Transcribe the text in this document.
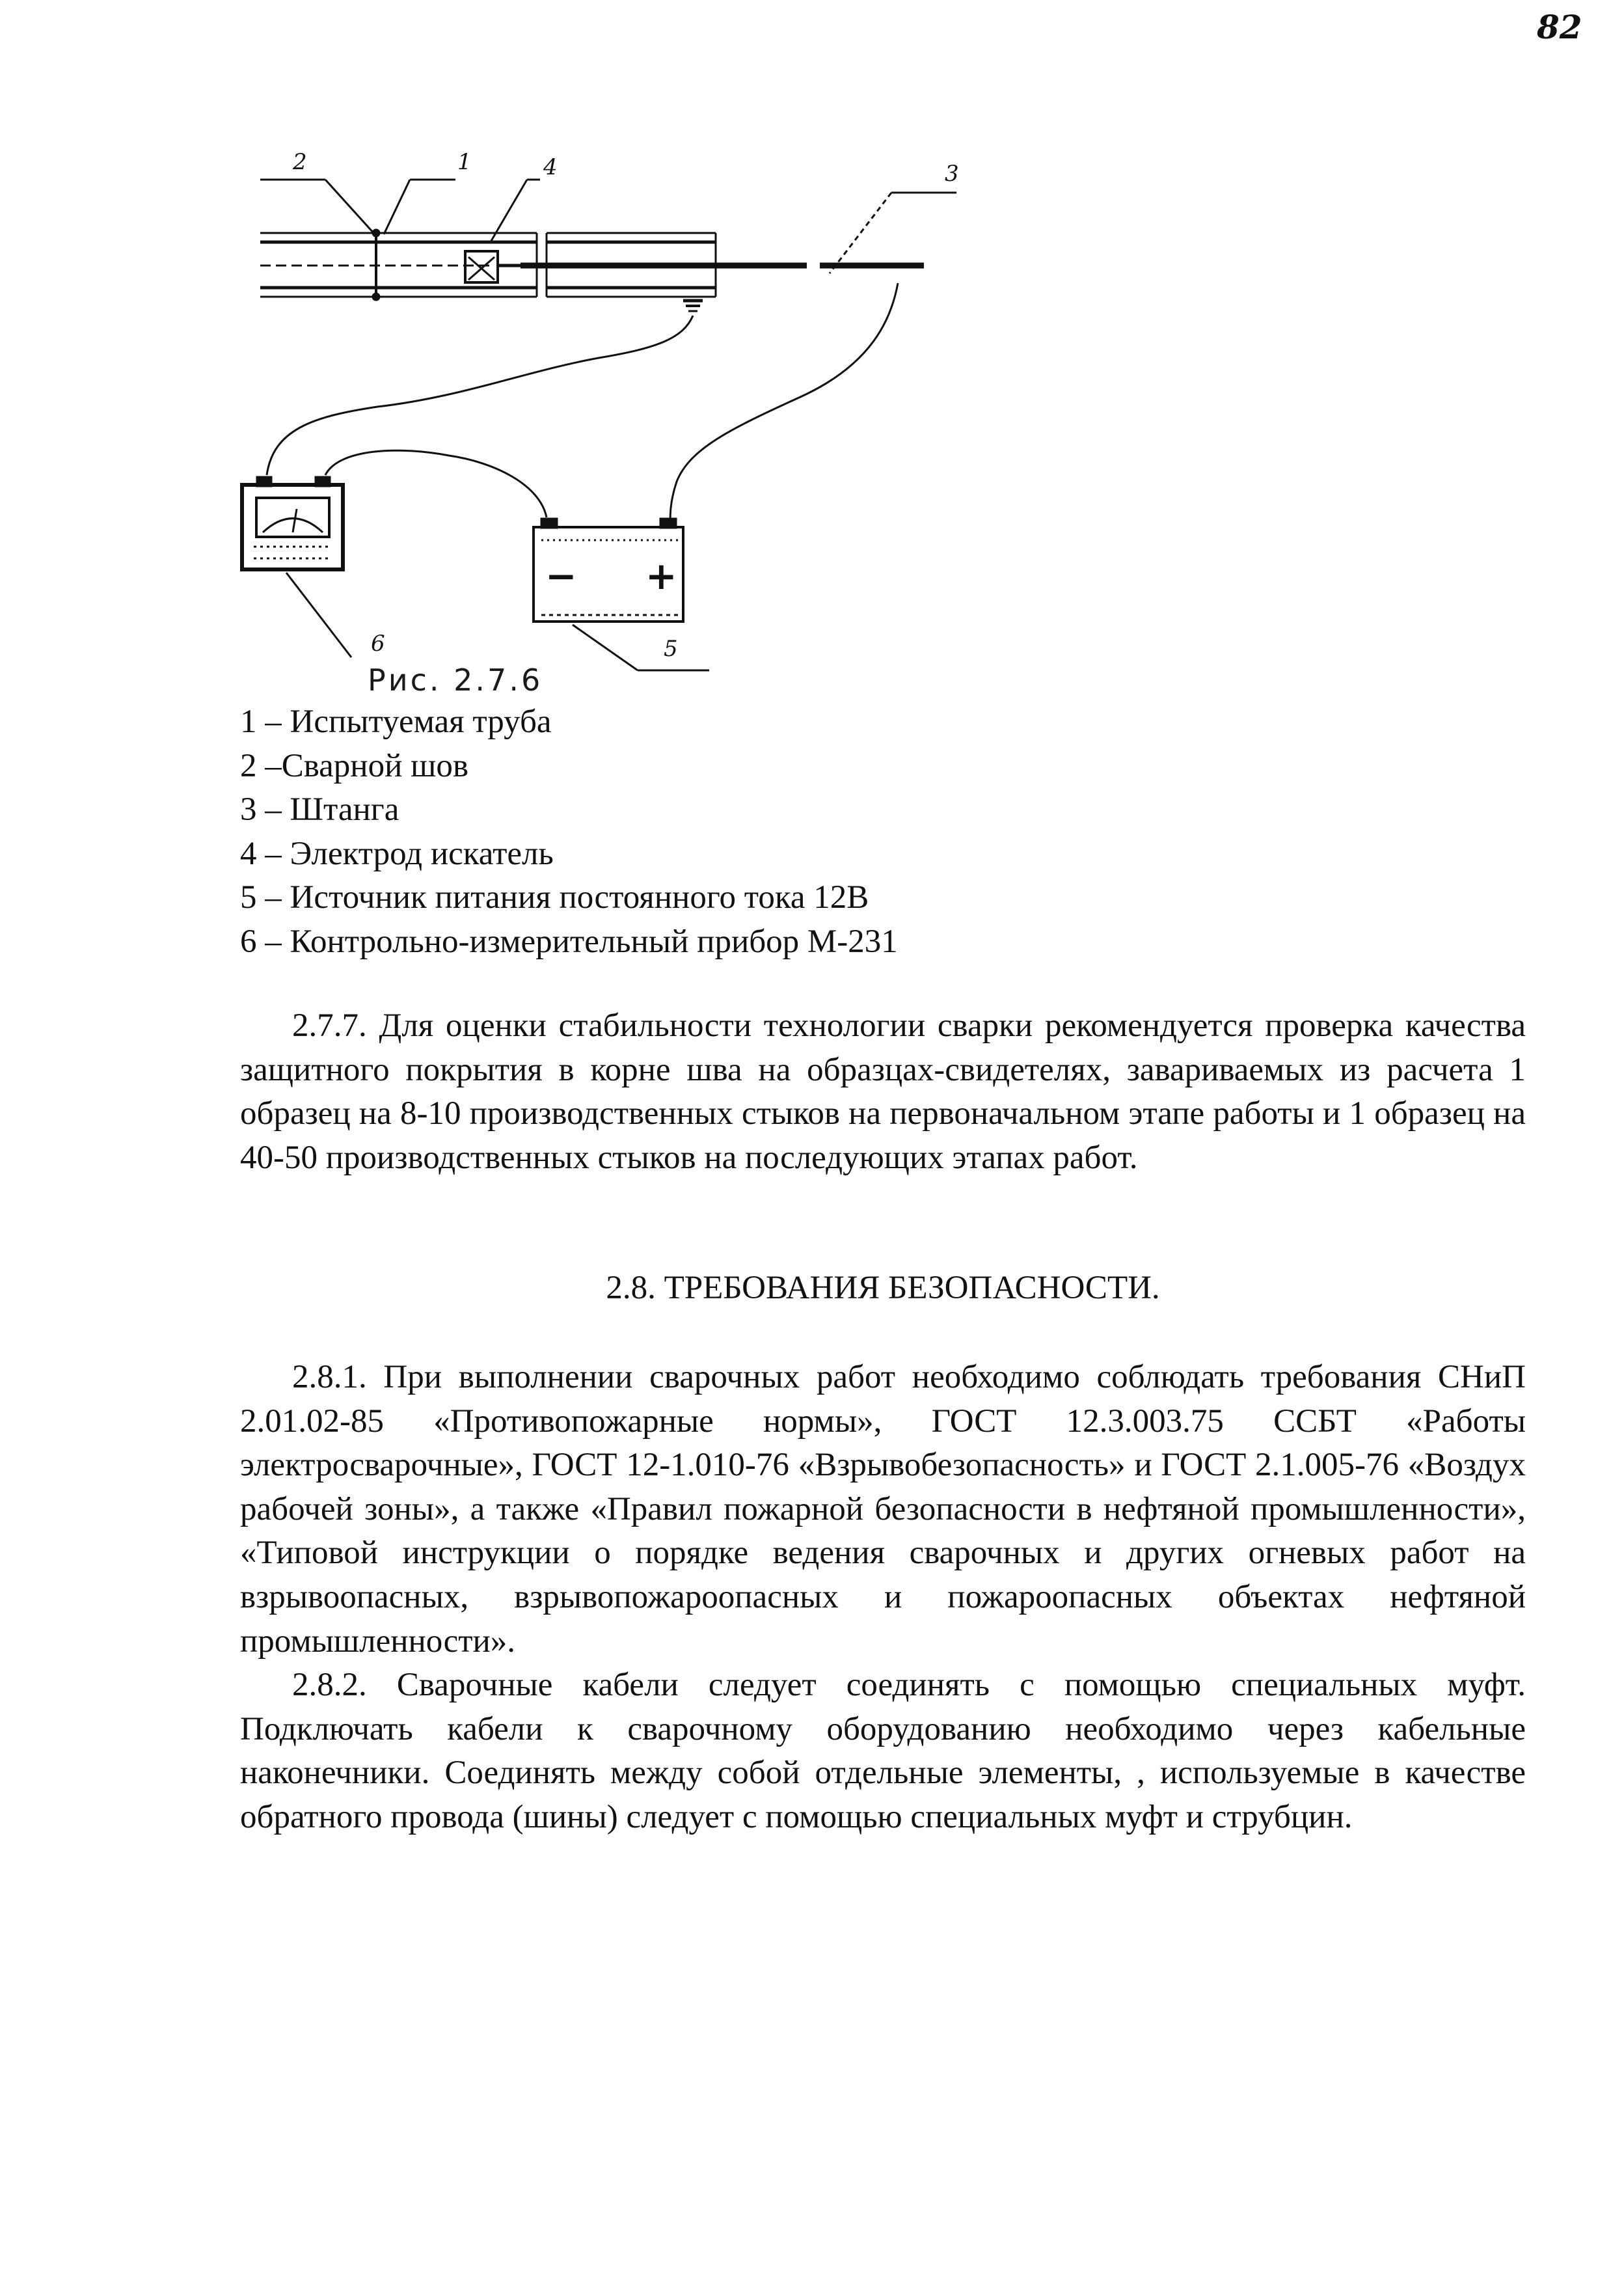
82
2	1	4	3
6	5
− +
Рис. 2.7.6
1 – Испытуемая труба
2 –Сварной шов
3 – Штанга
4 – Электрод искатель
5 – Источник питания постоянного тока 12В
6 – Контрольно-измерительный прибор М-231

2.7.7. Для оценки стабильности технологии сварки рекомендуется проверка качества защитного покрытия в корне шва на образцах-свидетелях, завариваемых из расчета 1 образец на 8-10 производственных стыков на первоначальном этапе работы и 1 образец на 40-50 производственных стыков на последующих этапах работ.

2.8. ТРЕБОВАНИЯ БЕЗОПАСНОСТИ.

2.8.1. При выполнении сварочных работ необходимо соблюдать требования СНиП 2.01.02-85 «Противопожарные нормы», ГОСТ 12.3.003.75 ССБТ «Работы электросварочные», ГОСТ 12-1.010-76 «Взрывобезопасность» и ГОСТ 2.1.005-76 «Воздух рабочей зоны», а также «Правил пожарной безопасности в нефтяной промышленности», «Типовой инструкции о порядке ведения сварочных и других огневых работ на взрывоопасных, взрывопожароопасных и пожароопасных объектах нефтяной промышленности».

2.8.2. Сварочные кабели следует соединять с помощью специальных муфт. Подключать кабели к сварочному оборудованию необходимо через кабельные наконечники. Соединять между собой отдельные элементы, , используемые в качестве обратного провода (шины) следует с помощью специальных муфт и струбцин.
